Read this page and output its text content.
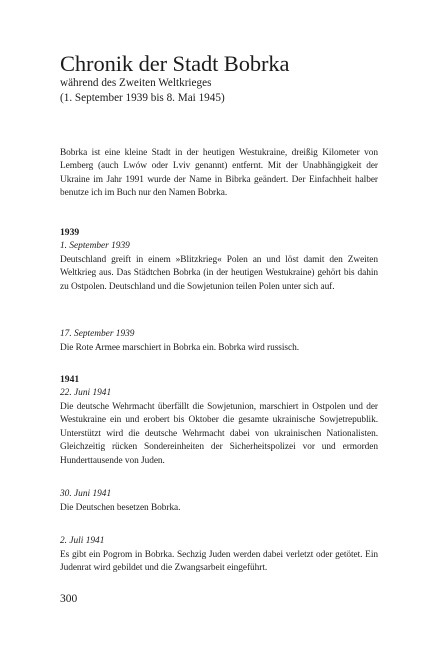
Chronik der Stadt Bobrka

während des Zweiten Weltkrieges

(1. September 1939 bis 8. Mai 1945)

Bobrka ist eine kleine Stadt in der heutigen Westukraine, dreißig Kilometer von Lemberg (auch Lwów oder Lviv genannt) entfernt. Mit der Unabhängigkeit der Ukraine im Jahr 1991 wurde der Name in Bibrka geändert. Der Einfachheit halber benutze ich im Buch nur den Namen Bobrka.

1939

1. September 1939

Deutschland greift in einem »Blitzkrieg« Polen an und löst damit den Zweiten Weltkrieg aus. Das Städtchen Bobrka (in der heutigen Westukraine) gehört bis dahin zu Ostpolen. Deutschland und die Sowjetunion teilen Polen unter sich auf.

17. September 1939

Die Rote Armee marschiert in Bobrka ein. Bobrka wird russisch.

1941

22. Juni 1941

Die deutsche Wehrmacht überfällt die Sowjetunion, marschiert in Ostpolen und der Westukraine ein und erobert bis Oktober die gesamte ukrainische Sowjetrepublik. Unterstützt wird die deutsche Wehrmacht dabei von ukrainischen Nationalisten. Gleichzeitig rücken Sondereinheiten der Sicherheitspolizei vor und ermorden Hunderttausende von Juden.

30. Juni 1941

Die Deutschen besetzen Bobrka.

2. Juli 1941

Es gibt ein Pogrom in Bobrka. Sechzig Juden werden dabei verletzt oder getötet. Ein Judenrat wird gebildet und die Zwangsarbeit eingeführt.

300
